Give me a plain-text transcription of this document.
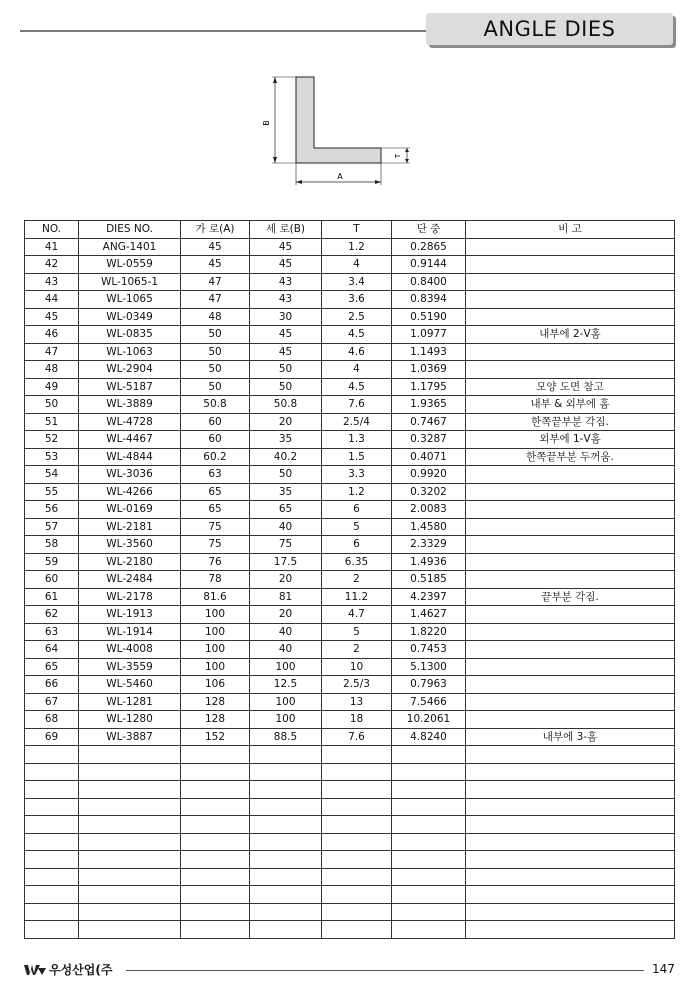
ANGLE DIES
B
A
T
NO.	DIES NO.	가 로(A)	세 로(B)	T	단 중	비 고
41	ANG-1401	45	45	1.2	0.2865	
42	WL-0559	45	45	4	0.9144	
43	WL-1065-1	47	43	3.4	0.8400	
44	WL-1065	47	43	3.6	0.8394	
45	WL-0349	48	30	2.5	0.5190	
46	WL-0835	50	45	4.5	1.0977	내부에 2-V홈
47	WL-1063	50	45	4.6	1.1493	
48	WL-2904	50	50	4	1.0369	
49	WL-5187	50	50	4.5	1.1795	모양 도면 참고
50	WL-3889	50.8	50.8	7.6	1.9365	내부 & 외부에 홈
51	WL-4728	60	20	2.5/4	0.7467	한쪽끝부분 각짐.
52	WL-4467	60	35	1.3	0.3287	외부에 1-V홈
53	WL-4844	60.2	40.2	1.5	0.4071	한쪽끝부분 두꺼움.
54	WL-3036	63	50	3.3	0.9920	
55	WL-4266	65	35	1.2	0.3202	
56	WL-0169	65	65	6	2.0083	
57	WL-2181	75	40	5	1.4580	
58	WL-3560	75	75	6	2.3329	
59	WL-2180	76	17.5	6.35	1.4936	
60	WL-2484	78	20	2	0.5185	
61	WL-2178	81.6	81	11.2	4.2397	끝부분 각짐.
62	WL-1913	100	20	4.7	1.4627	
63	WL-1914	100	40	5	1.8220	
64	WL-4008	100	40	2	0.7453	
65	WL-3559	100	100	10	5.1300	
66	WL-5460	106	12.5	2.5/3	0.7963	
67	WL-1281	128	100	13	7.5466	
68	WL-1280	128	100	18	10.2061	
69	WL-3887	152	88.5	7.6	4.8240	내부에 3-홈

우성산업(주	147
